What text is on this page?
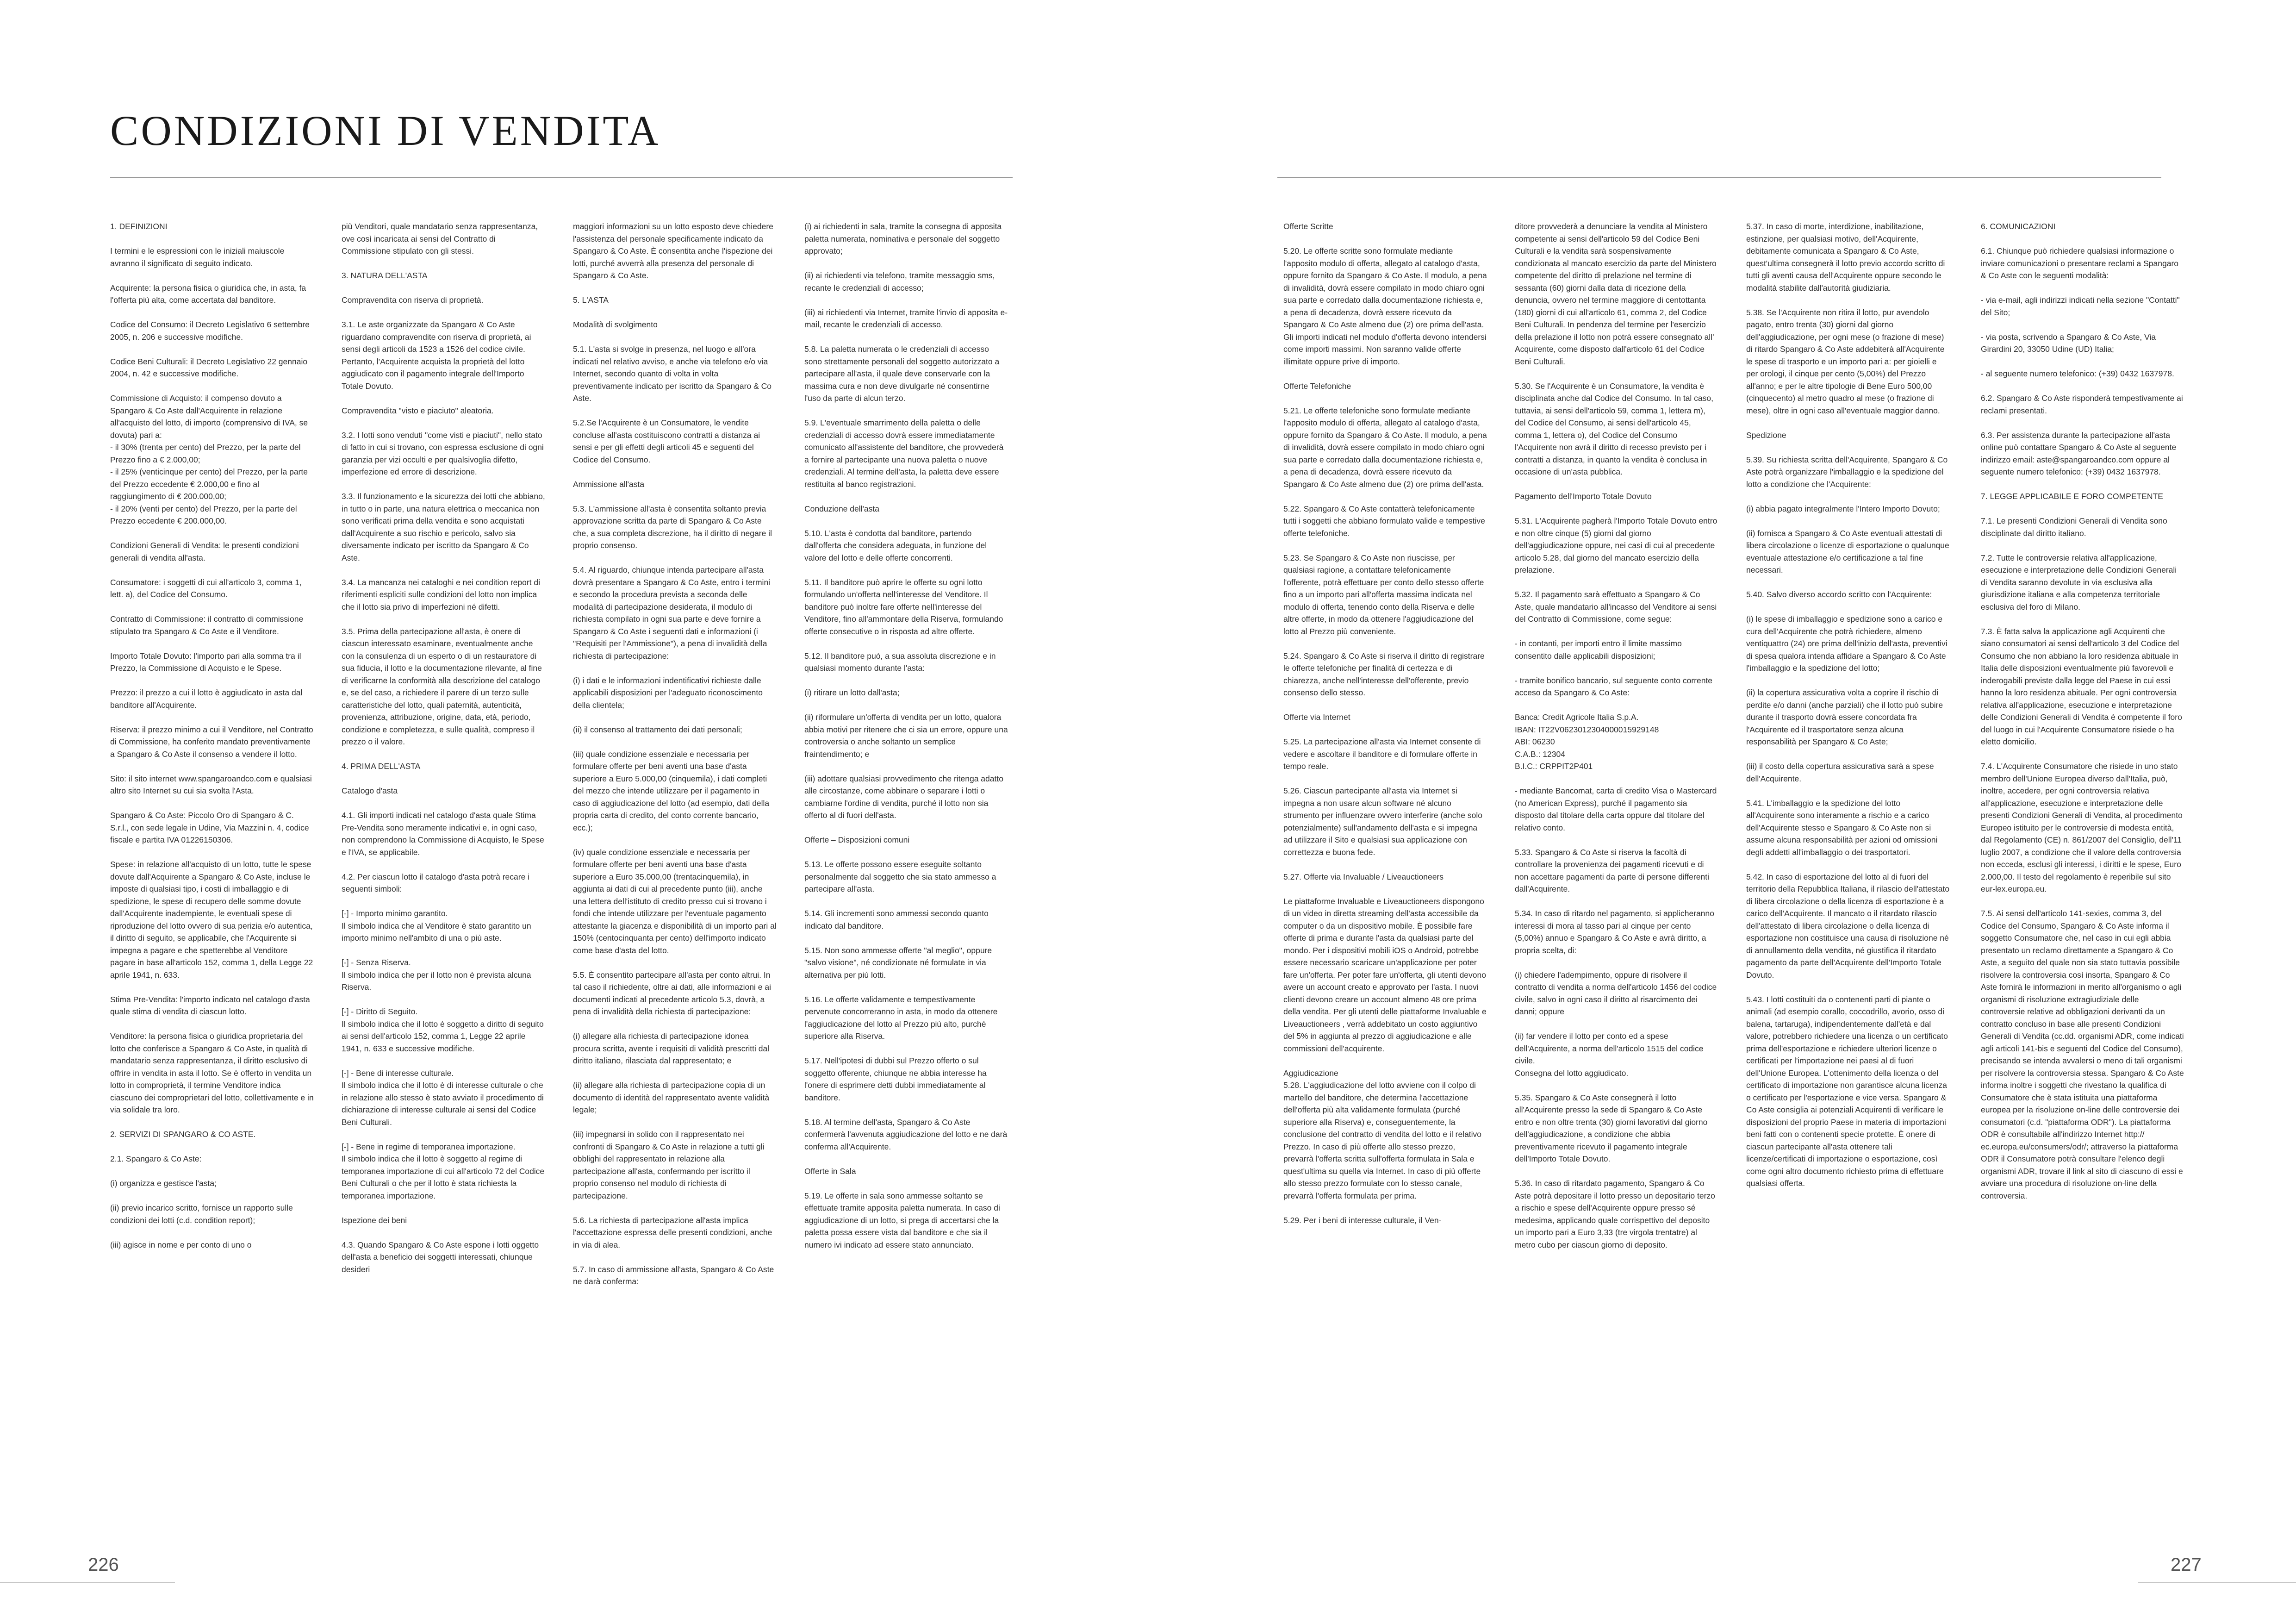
CONDIZIONI DI VENDITA
1. DEFINIZIONI

I termini e le espressioni con le iniziali maiuscole avranno il significato di seguito indicato.

Acquirente: la persona fisica o giuridica che, in asta, fa l'offerta più alta, come accertata dal banditore.

Codice del Consumo: il Decreto Legislativo 6 settembre 2005, n. 206 e successive modifiche.

Codice Beni Culturali: il Decreto Legislativo 22 gennaio 2004, n. 42 e successive modifiche.

Commissione di Acquisto: il compenso dovuto a Spangaro & Co Aste dall'Acquirente in relazione all'acquisto del lotto, di importo (comprensivo di IVA, se dovuta) pari a:
- il 30% (trenta per cento) del Prezzo, per la parte del Prezzo fino a € 2.000,00;
- il 25% (venticinque per cento) del Prezzo, per la parte del Prezzo eccedente € 2.000,00 e fino al raggiungimento di € 200.000,00;
- il 20% (venti per cento) del Prezzo, per la parte del Prezzo eccedente € 200.000,00.

Condizioni Generali di Vendita: le presenti condizioni generali di vendita all'asta.

Consumatore: i soggetti di cui all'articolo 3, comma 1, lett. a), del Codice del Consumo.

Contratto di Commissione: il contratto di commissione stipulato tra Spangaro & Co Aste e il Venditore.

Importo Totale Dovuto: l'importo pari alla somma tra il Prezzo, la Commissione di Acquisto e le Spese.

Prezzo: il prezzo a cui il lotto è aggiudicato in asta dal banditore all'Acquirente.

Riserva: il prezzo minimo a cui il Venditore, nel Contratto di Commissione, ha conferito mandato preventivamente a Spangaro & Co Aste il consenso a vendere il lotto.

Sito: il sito internet www.spangaroandco.com e qualsiasi altro sito Internet su cui sia svolta l'Asta.

Spangaro & Co Aste: Piccolo Oro di Spangaro & C. S.r.l., con sede legale in Udine, Via Mazzini n. 4, codice fiscale e partita IVA 01226150306.

Spese: in relazione all'acquisto di un lotto, tutte le spese dovute dall'Acquirente a Spangaro & Co Aste, incluse le imposte di qualsiasi tipo, i costi di imballaggio e di spedizione, le spese di recupero delle somme dovute dall'Acquirente inadempiente, le eventuali spese di riproduzione del lotto ovvero di sua perizia e/o autentica, il diritto di seguito, se applicabile, che l'Acquirente si impegna a pagare e che spetterebbe al Venditore pagare in base all'articolo 152, comma 1, della Legge 22 aprile 1941, n. 633.

Stima Pre-Vendita: l'importo indicato nel catalogo d'asta quale stima di vendita di ciascun lotto.

Venditore: la persona fisica o giuridica proprietaria del lotto che conferisce a Spangaro & Co Aste, in qualità di mandatario senza rappresentanza, il diritto esclusivo di offrire in vendita in asta il lotto. Se è offerto in vendita un lotto in comproprietà, il termine Venditore indica ciascuno dei comproprietari del lotto, collettivamente e in via solidale tra loro.

2. SERVIZI DI SPANGARO & CO ASTE.

2.1. Spangaro & Co Aste:

(i) organizza e gestisce l'asta;

(ii) previo incarico scritto, fornisce un rapporto sulle condizioni dei lotti (c.d. condition report);

(iii) agisce in nome e per conto di uno o
più Venditori, quale mandatario senza rappresentanza, ove così incaricata ai sensi del Contratto di Commissione stipulato con gli stessi.

3. NATURA DELL'ASTA

Compravendita con riserva di proprietà.

3.1. Le aste organizzate da Spangaro & Co Aste riguardano compravendite con riserva di proprietà, ai sensi degli articoli da 1523 a 1526 del codice civile. Pertanto, l'Acquirente acquista la proprietà del lotto aggiudicato con il pagamento integrale dell'Importo Totale Dovuto.

Compravendita "visto e piaciuto" aleatoria.

3.2. I lotti sono venduti "come visti e piaciuti", nello stato di fatto in cui si trovano, con espressa esclusione di ogni garanzia per vizi occulti e per qualsivoglia difetto, imperfezione ed errore di descrizione.

3.3. Il funzionamento e la sicurezza dei lotti che abbiano, in tutto o in parte, una natura elettrica o meccanica non sono verificati prima della vendita e sono acquistati dall'Acquirente a suo rischio e pericolo, salvo sia diversamente indicato per iscritto da Spangaro & Co Aste.

3.4. La mancanza nei cataloghi e nei condition report di riferimenti espliciti sulle condizioni del lotto non implica che il lotto sia privo di imperfezioni né difetti.

3.5. Prima della partecipazione all'asta, è onere di ciascun interessato esaminare, eventualmente anche con la consulenza di un esperto o di un restauratore di sua fiducia, il lotto e la documentazione rilevante, al fine di verificarne la conformità alla descrizione del catalogo e, se del caso, a richiedere il parere di un terzo sulle caratteristiche del lotto, quali paternità, autenticità, provenienza, attribuzione, origine, data, età, periodo, condizione e completezza, e sulle qualità, compreso il prezzo o il valore.

4. PRIMA DELL'ASTA

Catalogo d'asta

4.1. Gli importi indicati nel catalogo d'asta quale Stima Pre-Vendita sono meramente indicativi e, in ogni caso, non comprendono la Commissione di Acquisto, le Spese e l'IVA, se applicabile.

4.2. Per ciascun lotto il catalogo d'asta potrà recare i seguenti simboli:

[-] - Importo minimo garantito.
Il simbolo indica che al Venditore è stato garantito un importo minimo nell'ambito di una o più aste.

[-] - Senza Riserva.
Il simbolo indica che per il lotto non è prevista alcuna Riserva.

[-] - Diritto di Seguito.
Il simbolo indica che il lotto è soggetto a diritto di seguito ai sensi dell'articolo 152, comma 1, Legge 22 aprile 1941, n. 633 e successive modifiche.

[-] - Bene di interesse culturale.
Il simbolo indica che il lotto è di interesse culturale o che in relazione allo stesso è stato avviato il procedimento di dichiarazione di interesse culturale ai sensi del Codice Beni Culturali.

[-] - Bene in regime di temporanea importazione.
Il simbolo indica che il lotto è soggetto al regime di temporanea importazione di cui all'articolo 72 del Codice Beni Culturali o che per il lotto è stata richiesta la temporanea importazione.

Ispezione dei beni

4.3. Quando Spangaro & Co Aste espone i lotti oggetto dell'asta a beneficio dei soggetti interessati, chiunque desideri
maggiori informazioni su un lotto esposto deve chiedere l'assistenza del personale specificamente indicato da Spangaro & Co Aste. È consentita anche l'ispezione dei lotti, purché avverrà alla presenza del personale di Spangaro & Co Aste.

5. L'ASTA

Modalità di svolgimento

5.1. L'asta si svolge in presenza, nel luogo e all'ora indicati nel relativo avviso, e anche via telefono e/o via Internet, secondo quanto di volta in volta preventivamente indicato per iscritto da Spangaro & Co Aste.

5.2.Se l'Acquirente è un Consumatore, le vendite concluse all'asta costituiscono contratti a distanza ai sensi e per gli effetti degli articoli 45 e seguenti del Codice del Consumo.

Ammissione all'asta

5.3. L'ammissione all'asta è consentita soltanto previa approvazione scritta da parte di Spangaro & Co Aste che, a sua completa discrezione, ha il diritto di negare il proprio consenso.

5.4. Al riguardo, chiunque intenda partecipare all'asta dovrà presentare a Spangaro & Co Aste, entro i termini e secondo la procedura prevista a seconda delle modalità di partecipazione desiderata, il modulo di richiesta compilato in ogni sua parte e deve fornire a Spangaro & Co Aste i seguenti dati e informazioni (i "Requisiti per l'Ammissione"), a pena di invalidità della richiesta di partecipazione:

(i) i dati e le informazioni indentificativi richieste dalle applicabili disposizioni per l'adeguato riconoscimento della clientela;

(ii) il consenso al trattamento dei dati personali;

(iii) quale condizione essenziale e necessaria per formulare offerte per beni aventi una base d'asta superiore a Euro 5.000,00 (cinquemila), i dati completi del mezzo che intende utilizzare per il pagamento in caso di aggiudicazione del lotto (ad esempio, dati della propria carta di credito, del conto corrente bancario, ecc.);

(iv) quale condizione essenziale e necessaria per formulare offerte per beni aventi una base d'asta superiore a Euro 35.000,00 (trentacinquemila), in aggiunta ai dati di cui al precedente punto (iii), anche una lettera dell'istituto di credito presso cui si trovano i fondi che intende utilizzare per l'eventuale pagamento attestante la giacenza e disponibilità di un importo pari al 150% (centocinquanta per cento) dell'importo indicato come base d'asta del lotto.

5.5. È consentito partecipare all'asta per conto altrui. In tal caso il richiedente, oltre ai dati, alle informazioni e ai documenti indicati al precedente articolo 5.3, dovrà, a pena di invalidità della richiesta di partecipazione:

(i) allegare alla richiesta di partecipazione idonea procura scritta, avente i requisiti di validità prescritti dal diritto italiano, rilasciata dal rappresentato; e

(ii) allegare alla richiesta di partecipazione copia di un documento di identità del rappresentato avente validità legale;

(iii) impegnarsi in solido con il rappresentato nei confronti di Spangaro & Co Aste in relazione a tutti gli obblighi del rappresentato in relazione alla partecipazione all'asta, confermando per iscritto il proprio consenso nel modulo di richiesta di partecipazione.

5.6. La richiesta di partecipazione all'asta implica l'accettazione espressa delle presenti condizioni, anche in via di alea.

5.7. In caso di ammissione all'asta, Spangaro & Co Aste ne darà conferma:
(i) ai richiedenti in sala, tramite la consegna di apposita paletta numerata, nominativa e personale del soggetto approvato;

(ii) ai richiedenti via telefono, tramite messaggio sms, recante le credenziali di accesso;

(iii) ai richiedenti via Internet, tramite l'invio di apposita e-mail, recante le credenziali di accesso.

5.8. La paletta numerata o le credenziali di accesso sono strettamente personali del soggetto autorizzato a partecipare all'asta, il quale deve conservarle con la massima cura e non deve divulgarle né consentirne l'uso da parte di alcun terzo.

5.9. L'eventuale smarrimento della paletta o delle credenziali di accesso dovrà essere immediatamente comunicato all'assistente del banditore, che provvederà a fornire al partecipante una nuova paletta o nuove credenziali. Al termine dell'asta, la paletta deve essere restituita al banco registrazioni.

Conduzione dell'asta

5.10. L'asta è condotta dal banditore, partendo dall'offerta che considera adeguata, in funzione del valore del lotto e delle offerte concorrenti.

5.11. Il banditore può aprire le offerte su ogni lotto formulando un'offerta nell'interesse del Venditore. Il banditore può inoltre fare offerte nell'interesse del Venditore, fino all'ammontare della Riserva, formulando offerte consecutive o in risposta ad altre offerte.

5.12. Il banditore può, a sua assoluta discrezione e in qualsiasi momento durante l'asta:

(i) ritirare un lotto dall'asta;

(ii) riformulare un'offerta di vendita per un lotto, qualora abbia motivi per ritenere che ci sia un errore, oppure una controversia o anche soltanto un semplice fraintendimento; e

(iii) adottare qualsiasi provvedimento che ritenga adatto alle circostanze, come abbinare o separare i lotti o cambiarne l'ordine di vendita, purché il lotto non sia offerto al di fuori dell'asta.

Offerte – Disposizioni comuni

5.13. Le offerte possono essere eseguite soltanto personalmente dal soggetto che sia stato ammesso a partecipare all'asta.

5.14. Gli incrementi sono ammessi secondo quanto indicato dal banditore.

5.15. Non sono ammesse offerte "al meglio", oppure "salvo visione", né condizionate né formulate in via alternativa per più lotti.

5.16. Le offerte validamente e tempestivamente pervenute concorreranno in asta, in modo da ottenere l'aggiudicazione del lotto al Prezzo più alto, purché superiore alla Riserva.

5.17. Nell'ipotesi di dubbi sul Prezzo offerto o sul soggetto offerente, chiunque ne abbia interesse ha l'onere di esprimere detti dubbi immediatamente al banditore.

5.18. Al termine dell'asta, Spangaro & Co Aste confermerà l'avvenuta aggiudicazione del lotto e ne darà conferma all'Acquirente.

Offerte in Sala

5.19. Le offerte in sala sono ammesse soltanto se effettuate tramite apposita paletta numerata. In caso di aggiudicazione di un lotto, si prega di accertarsi che la paletta possa essere vista dal banditore e che sia il numero ivi indicato ad essere stato annunciato.
Offerte Scritte

5.20. Le offerte scritte sono formulate mediante l'apposito modulo di offerta, allegato al catalogo d'asta, oppure fornito da Spangaro & Co Aste. Il modulo, a pena di invalidità, dovrà essere compilato in modo chiaro ogni sua parte e corredato dalla documentazione richiesta e, a pena di decadenza, dovrà essere ricevuto da Spangaro & Co Aste almeno due (2) ore prima dell'asta. Gli importi indicati nel modulo d'offerta devono intendersi come importi massimi. Non saranno valide offerte illimitate oppure prive di importo.

Offerte Telefoniche

5.21. Le offerte telefoniche sono formulate mediante l'apposito modulo di offerta, allegato al catalogo d'asta, oppure fornito da Spangaro & Co Aste. Il modulo, a pena di invalidità, dovrà essere compilato in modo chiaro ogni sua parte e corredato dalla documentazione richiesta e, a pena di decadenza, dovrà essere ricevuto da Spangaro & Co Aste almeno due (2) ore prima dell'asta.

5.22. Spangaro & Co Aste contatterà telefonicamente tutti i soggetti che abbiano formulato valide e tempestive offerte telefoniche.

5.23. Se Spangaro & Co Aste non riuscisse, per qualsiasi ragione, a contattare telefonicamente l'offerente, potrà effettuare per conto dello stesso offerte fino a un importo pari all'offerta massima indicata nel modulo di offerta, tenendo conto della Riserva e delle altre offerte, in modo da ottenere l'aggiudicazione del lotto al Prezzo più conveniente.

5.24. Spangaro & Co Aste si riserva il diritto di registrare le offerte telefoniche per finalità di certezza e di chiarezza, anche nell'interesse dell'offerente, previo consenso dello stesso.

Offerte via Internet

5.25. La partecipazione all'asta via Internet consente di vedere e ascoltare il banditore e di formulare offerte in tempo reale.

5.26. Ciascun partecipante all'asta via Internet si impegna a non usare alcun software né alcuno strumento per influenzare ovvero interferire (anche solo potenzialmente) sull'andamento dell'asta e si impegna ad utilizzare il Sito e qualsiasi sua applicazione con correttezza e buona fede.

5.27. Offerte via Invaluable / Liveauctioneers

Le piattaforme Invaluable e Liveauctioneers dispongono di un video in diretta streaming dell'asta accessibile da computer o da un dispositivo mobile. È possibile fare offerte di prima e durante l'asta da qualsiasi parte del mondo. Per i dispositivi mobili iOS o Android, potrebbe essere necessario scaricare un'applicazione per poter fare un'offerta. Per poter fare un'offerta, gli utenti devono avere un account creato e approvato per l'asta. I nuovi clienti devono creare un account almeno 48 ore prima della vendita. Per gli utenti delle piattaforme Invaluable e Liveauctioneers , verrà addebitato un costo aggiuntivo del 5% in aggiunta al prezzo di aggiudicazione e alle commissioni dell'acquirente.

Aggiudicazione
5.28. L'aggiudicazione del lotto avviene con il colpo di martello del banditore, che determina l'accettazione dell'offerta più alta validamente formulata (purché superiore alla Riserva) e, conseguentemente, la conclusione del contratto di vendita del lotto e il relativo Prezzo. In caso di più offerte allo stesso prezzo, prevarrà l'offerta scritta sull'offerta formulata in Sala e quest'ultima su quella via Internet. In caso di più offerte allo stesso prezzo formulate con lo stesso canale, prevarrà l'offerta formulata per prima.

5.29. Per i beni di interesse culturale, il Ven-
ditore provvederà a denunciare la vendita al Ministero competente ai sensi dell'articolo 59 del Codice Beni Culturali e la vendita sarà sospensivamente condizionata al mancato esercizio da parte del Ministero competente del diritto di prelazione nel termine di sessanta (60) giorni dalla data di ricezione della denuncia, ovvero nel termine maggiore di centottanta (180) giorni di cui all'articolo 61, comma 2, del Codice Beni Culturali. In pendenza del termine per l'esercizio della prelazione il lotto non potrà essere consegnato all' Acquirente, come disposto dall'articolo 61 del Codice Beni Culturali.

5.30. Se l'Acquirente è un Consumatore, la vendita è disciplinata anche dal Codice del Consumo. In tal caso, tuttavia, ai sensi dell'articolo 59, comma 1, lettera m), del Codice del Consumo, ai sensi dell'articolo 45, comma 1, lettera o), del Codice del Consumo l'Acquirente non avrà il diritto di recesso previsto per i contratti a distanza, in quanto la vendita è conclusa in occasione di un'asta pubblica.

Pagamento dell'Importo Totale Dovuto

5.31. L'Acquirente pagherà l'Importo Totale Dovuto entro e non oltre cinque (5) giorni dal giorno dell'aggiudicazione oppure, nei casi di cui al precedente articolo 5.28, dal giorno del mancato esercizio della prelazione.

5.32. Il pagamento sarà effettuato a Spangaro & Co Aste, quale mandatario all'incasso del Venditore ai sensi del Contratto di Commissione, come segue:

- in contanti, per importi entro il limite massimo consentito dalle applicabili disposizioni;

- tramite bonifico bancario, sul seguente conto corrente acceso da Spangaro & Co Aste:

Banca: Credit Agricole Italia S.p.A.
IBAN: IT22V0623012304000015929148
ABI: 06230
C.A.B.: 12304
B.I.C.: CRPPIT2P401

- mediante Bancomat, carta di credito Visa o Mastercard (no American Express), purché il pagamento sia disposto dal titolare della carta oppure dal titolare del relativo conto.

5.33. Spangaro & Co Aste si riserva la facoltà di controllare la provenienza dei pagamenti ricevuti e di non accettare pagamenti da parte di persone differenti dall'Acquirente.

5.34. In caso di ritardo nel pagamento, si applicheranno interessi di mora al tasso pari al cinque per cento (5,00%) annuo e Spangaro & Co Aste e avrà diritto, a propria scelta, di:

(i) chiedere l'adempimento, oppure di risolvere il contratto di vendita a norma dell'articolo 1456 del codice civile, salvo in ogni caso il diritto al risarcimento dei danni; oppure

(ii) far vendere il lotto per conto ed a spese dell'Acquirente, a norma dell'articolo 1515 del codice civile.
Consegna del lotto aggiudicato.

5.35. Spangaro & Co Aste consegnerà il lotto all'Acquirente presso la sede di Spangaro & Co Aste entro e non oltre trenta (30) giorni lavorativi dal giorno dell'aggiudicazione, a condizione che abbia preventivamente ricevuto il pagamento integrale dell'Importo Totale Dovuto.

5.36. In caso di ritardato pagamento, Spangaro & Co Aste potrà depositare il lotto presso un depositario terzo a rischio e spese dell'Acquirente oppure presso sé medesima, applicando quale corrispettivo del deposito un importo pari a Euro 3,33 (tre virgola trentatre) al metro cubo per ciascun giorno di deposito.
5.37. In caso di morte, interdizione, inabilitazione, estinzione, per qualsiasi motivo, dell'Acquirente, debitamente comunicata a Spangaro & Co Aste, quest'ultima consegnerà il lotto previo accordo scritto di tutti gli aventi causa dell'Acquirente oppure secondo le modalità stabilite dall'autorità giudiziaria.

5.38. Se l'Acquirente non ritira il lotto, pur avendolo pagato, entro trenta (30) giorni dal giorno dell'aggiudicazione, per ogni mese (o frazione di mese) di ritardo Spangaro & Co Aste addebiterà all'Acquirente le spese di trasporto e un importo pari a: per gioielli e per orologi, il cinque per cento (5,00%) del Prezzo all'anno; e per le altre tipologie di Bene Euro 500,00 (cinquecento) al metro quadro al mese (o frazione di mese), oltre in ogni caso all'eventuale maggior danno.

Spedizione

5.39. Su richiesta scritta dell'Acquirente, Spangaro & Co Aste potrà organizzare l'imballaggio e la spedizione del lotto a condizione che l'Acquirente:

(i) abbia pagato integralmente l'Intero Importo Dovuto;

(ii) fornisca a Spangaro & Co Aste eventuali attestati di libera circolazione o licenze di esportazione o qualunque eventuale attestazione e/o certificazione a tal fine necessari.

5.40. Salvo diverso accordo scritto con l'Acquirente:

(i) le spese di imballaggio e spedizione sono a carico e cura dell'Acquirente che potrà richiedere, almeno ventiquattro (24) ore prima dell'inizio dell'asta, preventivi di spesa qualora intenda affidare a Spangaro & Co Aste l'imballaggio e la spedizione del lotto;

(ii) la copertura assicurativa volta a coprire il rischio di perdite e/o danni (anche parziali) che il lotto può subire durante il trasporto dovrà essere concordata fra l'Acquirente ed il trasportatore senza alcuna responsabilità per Spangaro & Co Aste;

(iii) il costo della copertura assicurativa sarà a spese dell'Acquirente.

5.41. L'imballaggio e la spedizione del lotto all'Acquirente sono interamente a rischio e a carico dell'Acquirente stesso e Spangaro & Co Aste non si assume alcuna responsabilità per azioni od omissioni degli addetti all'imballaggio o dei trasportatori.

5.42. In caso di esportazione del lotto al di fuori del territorio della Repubblica Italiana, il rilascio dell'attestato di libera circolazione o della licenza di esportazione è a carico dell'Acquirente. Il mancato o il ritardato rilascio dell'attestato di libera circolazione o della licenza di esportazione non costituisce una causa di risoluzione né di annullamento della vendita, né giustifica il ritardato pagamento da parte dell'Acquirente dell'Importo Totale Dovuto.

5.43. I lotti costituiti da o contenenti parti di piante o animali (ad esempio corallo, coccodrillo, avorio, osso di balena, tartaruga), indipendentemente dall'età e dal valore, potrebbero richiedere una licenza o un certificato prima dell'esportazione e richiedere ulteriori licenze o certificati per l'importazione nei paesi al di fuori dell'Unione Europea. L'ottenimento della licenza o del certificato di importazione non garantisce alcuna licenza o certificato per l'esportazione e vice versa. Spangaro & Co Aste consiglia ai potenziali Acquirenti di verificare le disposizioni del proprio Paese in materia di importazioni beni fatti con o contenenti specie protette. È onere di ciascun partecipante all'asta ottenere tali licenze/certificati di importazione o esportazione, così come ogni altro documento richiesto prima di effettuare qualsiasi offerta.
6. COMUNICAZIONI

6.1. Chiunque può richiedere qualsiasi informazione o inviare comunicazioni o presentare reclami a Spangaro & Co Aste con le seguenti modalità:

- via e-mail, agli indirizzi indicati nella sezione "Contatti" del Sito;

- via posta, scrivendo a Spangaro & Co Aste, Via Girardini 20, 33050 Udine (UD) Italia;

- al seguente numero telefonico: (+39) 0432 1637978.

6.2. Spangaro & Co Aste risponderà tempestivamente ai reclami presentati.

6.3. Per assistenza durante la partecipazione all'asta online può contattare Spangaro & Co Aste al seguente indirizzo email: aste@spangaroandco.com oppure al seguente numero telefonico: (+39) 0432 1637978.

7. LEGGE APPLICABILE E FORO COMPETENTE

7.1. Le presenti Condizioni Generali di Vendita sono disciplinate dal diritto italiano.

7.2. Tutte le controversie relativa all'applicazione, esecuzione e interpretazione delle Condizioni Generali di Vendita saranno devolute in via esclusiva alla giurisdizione italiana e alla competenza territoriale esclusiva del foro di Milano.

7.3. È fatta salva la applicazione agli Acquirenti che siano consumatori ai sensi dell'articolo 3 del Codice del Consumo che non abbiano la loro residenza abituale in Italia delle disposizioni eventualmente più favorevoli e inderogabili previste dalla legge del Paese in cui essi hanno la loro residenza abituale. Per ogni controversia relativa all'applicazione, esecuzione e interpretazione delle Condizioni Generali di Vendita è competente il foro del luogo in cui l'Acquirente Consumatore risiede o ha eletto domicilio.

7.4. L'Acquirente Consumatore che risiede in uno stato membro dell'Unione Europea diverso dall'Italia, può, inoltre, accedere, per ogni controversia relativa all'applicazione, esecuzione e interpretazione delle presenti Condizioni Generali di Vendita, al procedimento Europeo istituito per le controversie di modesta entità, dal Regolamento (CE) n. 861/2007 del Consiglio, dell'11 luglio 2007, a condizione che il valore della controversia non ecceda, esclusi gli interessi, i diritti e le spese, Euro 2.000,00. Il testo del regolamento è reperibile sul sito eur-lex.europa.eu.

7.5. Ai sensi dell'articolo 141-sexies, comma 3, del Codice del Consumo, Spangaro & Co Aste informa il soggetto Consumatore che, nel caso in cui egli abbia presentato un reclamo direttamente a Spangaro & Co Aste, a seguito del quale non sia stato tuttavia possibile risolvere la controversia così insorta, Spangaro & Co Aste fornirà le informazioni in merito all'organismo o agli organismi di risoluzione extragiudiziale delle controversie relative ad obbligazioni derivanti da un contratto concluso in base alle presenti Condizioni Generali di Vendita (cc.dd. organismi ADR, come indicati agli articoli 141-bis e seguenti del Codice del Consumo), precisando se intenda avvalersi o meno di tali organismi per risolvere la controversia stessa. Spangaro & Co Aste informa inoltre i soggetti che rivestano la qualifica di Consumatore che è stata istituita una piattaforma europea per la risoluzione on-line delle controversie dei consumatori (c.d. "piattaforma ODR"). La piattaforma ODR è consultabile all'indirizzo Internet http:// ec.europa.eu/consumers/odr/; attraverso la piattaforma ODR il Consumatore potrà consultare l'elenco degli organismi ADR, trovare il link al sito di ciascuno di essi e avviare una procedura di risoluzione on-line della controversia.
226	227
